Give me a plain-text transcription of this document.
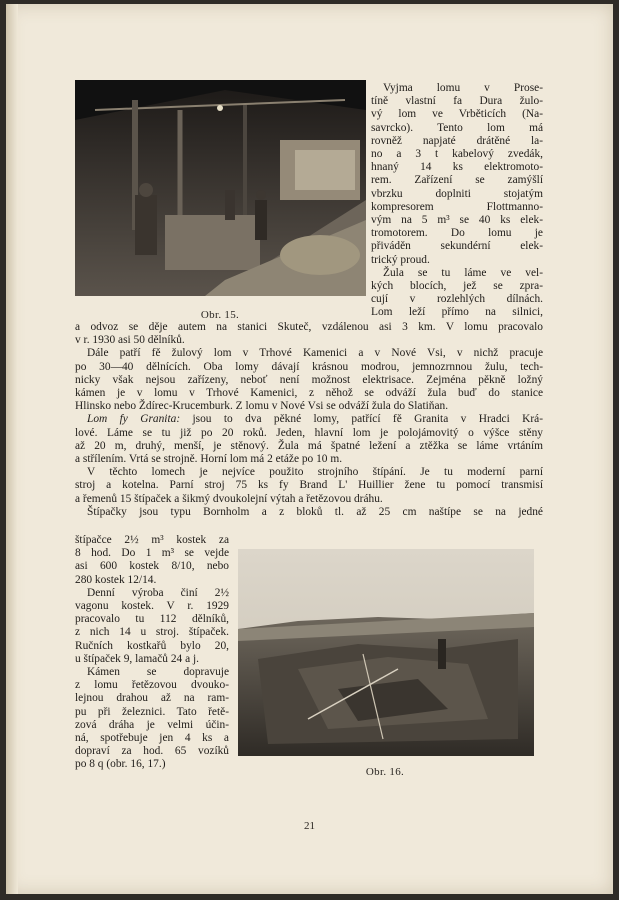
Obr. 15.

Vyjma lomu v Prose-

tíně vlastní fa Dura žulo-

vý lom ve Vrběticích (Na-

savrcko). Tento lom má

rovněž napjaté drátěné la-

no a 3 t kabelový zvedák,

hnaný 14 ks elektromoto-

rem. Zařízení se zamýšlí

vbrzku doplniti stojatým

kompresorem Flottmanno-

vým na 5 m³ se 40 ks elek-

tromotorem. Do lomu je

přiváděn sekundérní elek-

trický proud.

Žula se tu láme ve vel-

kých blocích, jež se zpra-

cují v rozlehlých dílnách.

Lom leží přímo na silnici,

a odvoz se děje autem na stanici Skuteč, vzdálenou asi 3 km. V lomu pracovalo

v r. 1930 asi 50 dělníků.

Dále patří fě žulový lom v Trhové Kamenici a v Nové Vsi, v nichž pracuje

po 30—40 dělnících. Oba lomy dávají krásnou modrou, jemnozrnnou žulu, tech-

nicky však nejsou zařízeny, neboť není možnost elektrisace. Zejména pěkně ložný

kámen je v lomu v Trhové Kamenici, z něhož se odváží žula buď do stanice

Hlinsko nebo Ždírec-Krucemburk. Z lomu v Nové Vsi se odváží žula do Slatiňan.

Lom fy Granita: jsou to dva pěkné lomy, patřící fě Granita v Hradci Krá-

lové. Láme se tu již po 20 roků. Jeden, hlavní lom je polojámovitý o výšce stěny

až 20 m, druhý, menší, je stěnový. Žula má špatné ležení a ztěžka se láme vrtáním

a střílením. Vrtá se strojně. Horní lom má 2 etáže po 10 m.

V těchto lomech je nejvíce použito strojního štípání. Je tu moderní parní

stroj a kotelna. Parní stroj 75 ks fy Brand L' Huillier žene tu pomocí transmisí

a řemenů 15 štípaček a šikmý dvoukolejní výtah a řetězovou dráhu.

Štípačky jsou typu Bornholm a z bloků tl. až 25 cm naštípe se na jedné

štípačce 2½ m³ kostek za

8 hod. Do 1 m³ se vejde

asi 600 kostek 8/10, nebo

280 kostek 12/14.

Denní výroba činí 2½

vagonu kostek. V r. 1929

pracovalo tu 112 dělníků,

z nich 14 u stroj. štípaček.

Ručních kostkařů bylo 20,

u štípaček 9, lamačů 24 a j.

Kámen se dopravuje

z lomu řetězovou dvouko-

lejnou drahou až na ram-

pu při železnici. Tato řetě-

zová dráha je velmi účin-

ná, spotřebuje jen 4 ks a

dopraví za hod. 65 vozíků

po 8 q (obr. 16, 17.)

Obr. 16.
21
